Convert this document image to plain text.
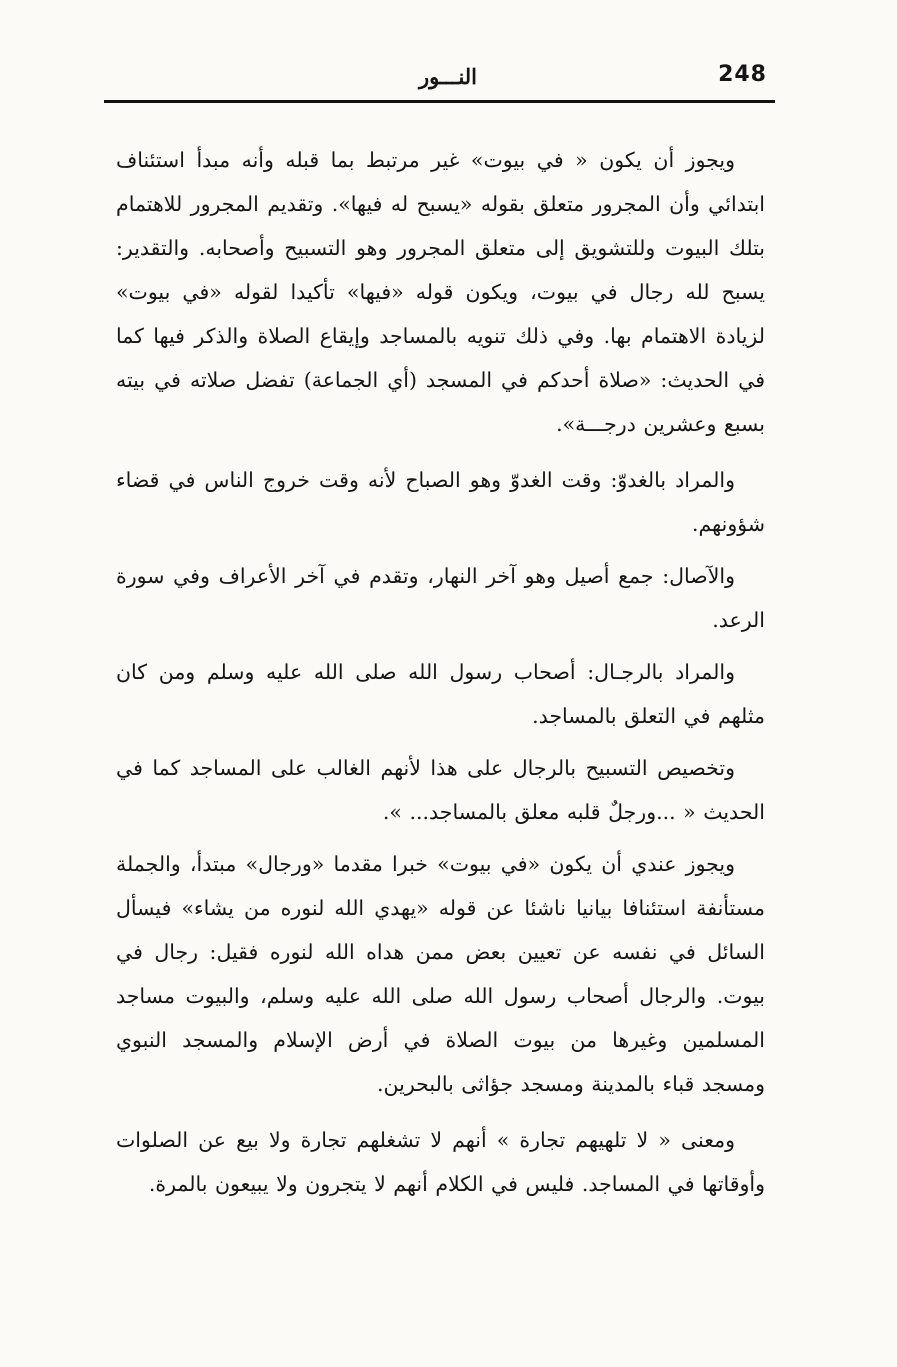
248
النـــور

ويجوز أن يكون « في بيوت» غير مرتبط بما قبله وأنه مبدأ استئناف ابتدائي وأن المجرور متعلق بقوله «يسبح له فيها». وتقديم المجرور للاهتمام بتلك البيوت وللتشويق إلى متعلق المجرور وهو التسبيح وأصحابه. والتقدير: يسبح لله رجال في بيوت، ويكون قوله «فيها» تأكيدا لقوله «في بيوت» لزيادة الاهتمام بها. وفي ذلك تنويه بالمساجد وإيقاع الصلاة والذكر فيها كما في الحديث: «صلاة أحدكم في المسجد (أي الجماعة) تفضل صلاته في بيته بسبع وعشرين درجـــة».

والمراد بالغدوّ: وقت الغدوّ وهو الصباح لأنه وقت خروج الناس في قضاء شؤونهم.

والآصال: جمع أصيل وهو آخر النهار، وتقدم في آخر الأعراف وفي سورة الرعد.

والمراد بالرجـال: أصحاب رسول الله صلى الله عليه وسلم ومن كان مثلهم في التعلق بالمساجد.

وتخصيص التسبيح بالرجال على هذا لأنهم الغالب على المساجد كما في الحديث « ...ورجلٌ قلبه معلق بالمساجد... ».

ويجوز عندي أن يكون «في بيوت» خبرا مقدما «ورجال» مبتدأ، والجملة مستأنفة استئنافا بيانيا ناشئا عن قوله «يهدي الله لنوره من يشاء» فيسأل السائل في نفسه عن تعيين بعض ممن هداه الله لنوره فقيل: رجال في بيوت. والرجال أصحاب رسول الله صلى الله عليه وسلم، والبيوت مساجد المسلمين وغيرها من بيوت الصلاة في أرض الإسلام والمسجد النبوي ومسجد قباء بالمدينة ومسجد جؤاثى بالبحرين.

ومعنى « لا تلهيهم تجارة » أنهم لا تشغلهم تجارة ولا بيع عن الصلوات وأوقاتها في المساجد. فليس في الكلام أنهم لا يتجرون ولا يبيعون بالمرة.
